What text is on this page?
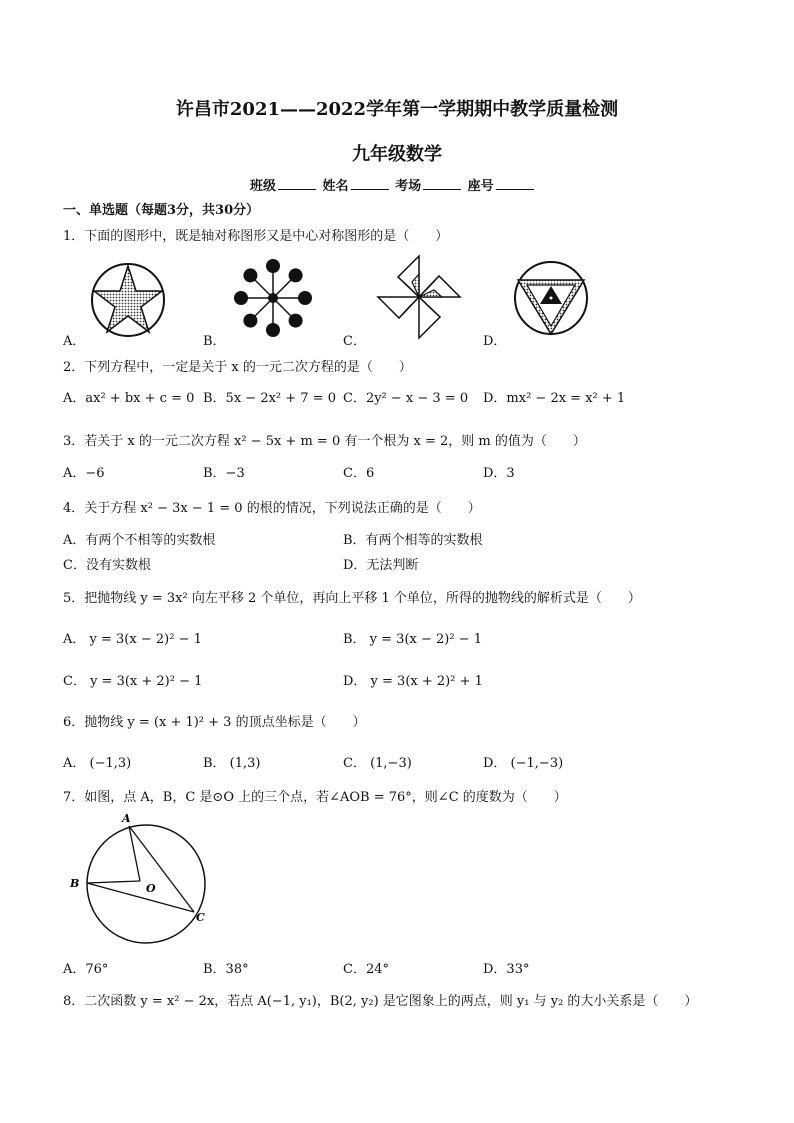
许昌市2021——2022学年第一学期期中教学质量检测
九年级数学
班级	姓名	考场	座号
一、单选题（每题3分，共30分）
1．下面的图形中，既是轴对称图形又是中心对称图形的是（　　）
A．	B．	C．	D．
2．下列方程中，一定是关于 x 的一元二次方程的是（　　）
A．ax² + bx + c = 0 B．5x − 2x² + 7 = 0 C．2y² − x − 3 = 0 D．mx² − 2x = x² + 1
3．若关于 x 的一元二次方程 x² − 5x + m = 0 有一个根为 x = 2，则 m 的值为（　　）
A．−6	B．−3	C．6	D．3
4．关于方程 x² − 3x − 1 = 0 的根的情况，下列说法正确的是（　　）
A．有两个不相等的实数根	B．有两个相等的实数根
C．没有实数根	D．无法判断
5．把抛物线 y = 3x² 向左平移 2 个单位，再向上平移 1 个单位，所得的抛物线的解析式是（　　）
A． y = 3(x − 2)² − 1	B． y = 3(x − 2)² − 1
C． y = 3(x + 2)² − 1	D． y = 3(x + 2)² + 1
6．抛物线 y = (x + 1)² + 3 的顶点坐标是（　　）
A． (−1,3)	B． (1,3)	C． (1,−3)	D． (−1,−3)
7．如图，点 A，B，C 是⊙O 上的三个点，若∠AOB = 76°，则∠C 的度数为（　　）
A
B	O
C
A．76°	B．38°	C．24°	D．33°
8．二次函数 y = x² − 2x，若点 A(−1, y₁)，B(2, y₂) 是它图象上的两点，则 y₁ 与 y₂ 的大小关系是（　　）
